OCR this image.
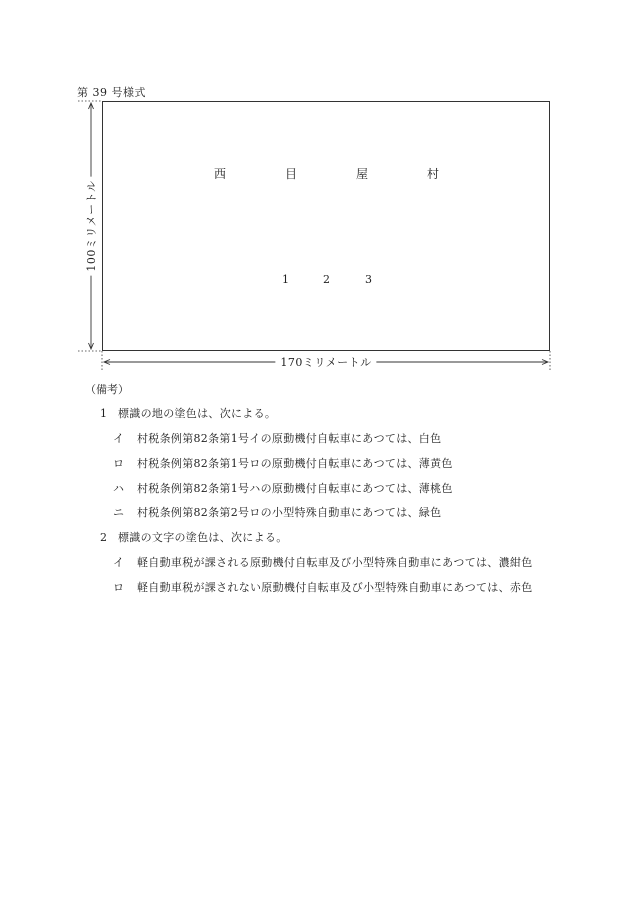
第 39 号様式
100ミリメートル
170ミリメートル
西	目	屋	村
1	2	3
（備考）
1 標識の地の塗色は、次による。
イ 村税条例第82条第1号イの原動機付自転車にあつては、白色
ロ 村税条例第82条第1号ロの原動機付自転車にあつては、薄黄色
ハ 村税条例第82条第1号ハの原動機付自転車にあつては、薄桃色
ニ 村税条例第82条第2号ロの小型特殊自動車にあつては、緑色
2 標識の文字の塗色は、次による。
イ 軽自動車税が課される原動機付自転車及び小型特殊自動車にあつては、濃紺色
ロ 軽自動車税が課されない原動機付自転車及び小型特殊自動車にあつては、赤色
